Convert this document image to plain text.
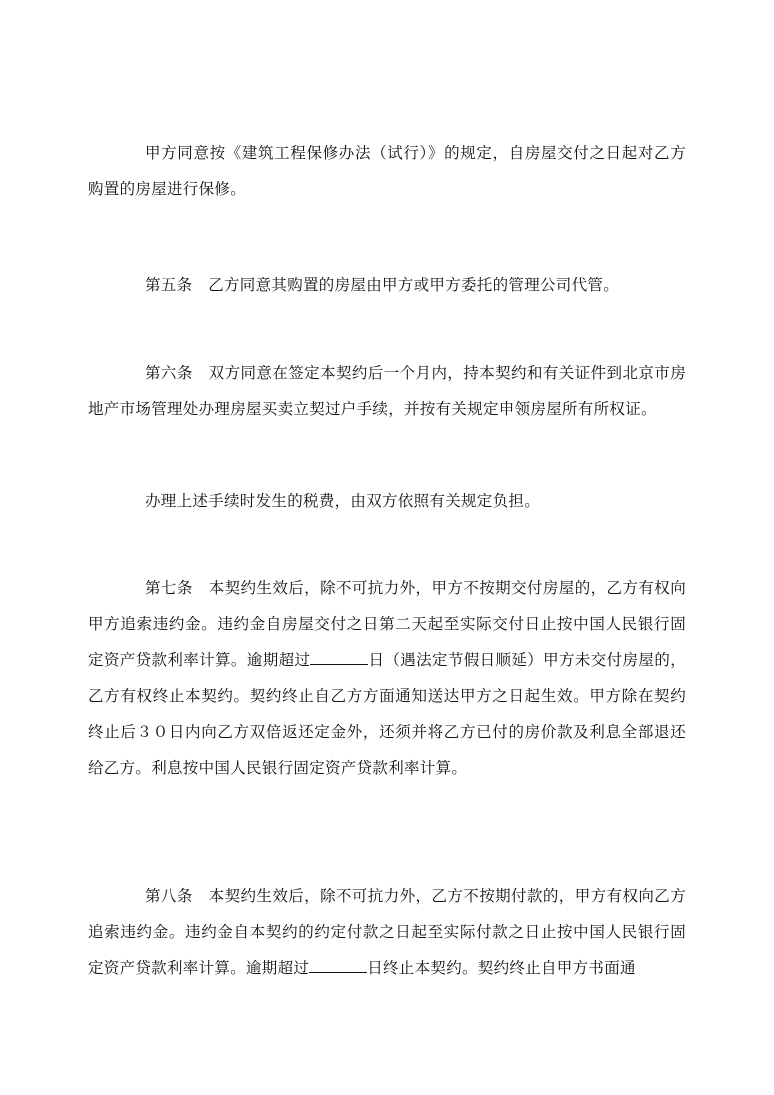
甲方同意按《建筑工程保修办法（试行）》的规定，自房屋交付之日起对乙方购置的房屋进行保修。

第五条　乙方同意其购置的房屋由甲方或甲方委托的管理公司代管。

第六条　双方同意在签定本契约后一个月内，持本契约和有关证件到北京市房地产市场管理处办理房屋买卖立契过户手续，并按有关规定申领房屋所有所权证。

办理上述手续时发生的税费，由双方依照有关规定负担。

第七条　本契约生效后，除不可抗力外，甲方不按期交付房屋的，乙方有权向甲方追索违约金。违约金自房屋交付之日第二天起至实际交付日止按中国人民银行固定资产贷款利率计算。逾期超过	日（遇法定节假日顺延）甲方未交付房屋的，乙方有权终止本契约。契约终止自乙方方面通知送达甲方之日起生效。甲方除在契约终止后３０日内向乙方双倍返还定金外，还须并将乙方已付的房价款及利息全部退还给乙方。利息按中国人民银行固定资产贷款利率计算。

第八条　本契约生效后，除不可抗力外，乙方不按期付款的，甲方有权向乙方追索违约金。违约金自本契约的约定付款之日起至实际付款之日止按中国人民银行固定资产贷款利率计算。逾期超过	日终止本契约。契约终止自甲方书面通
